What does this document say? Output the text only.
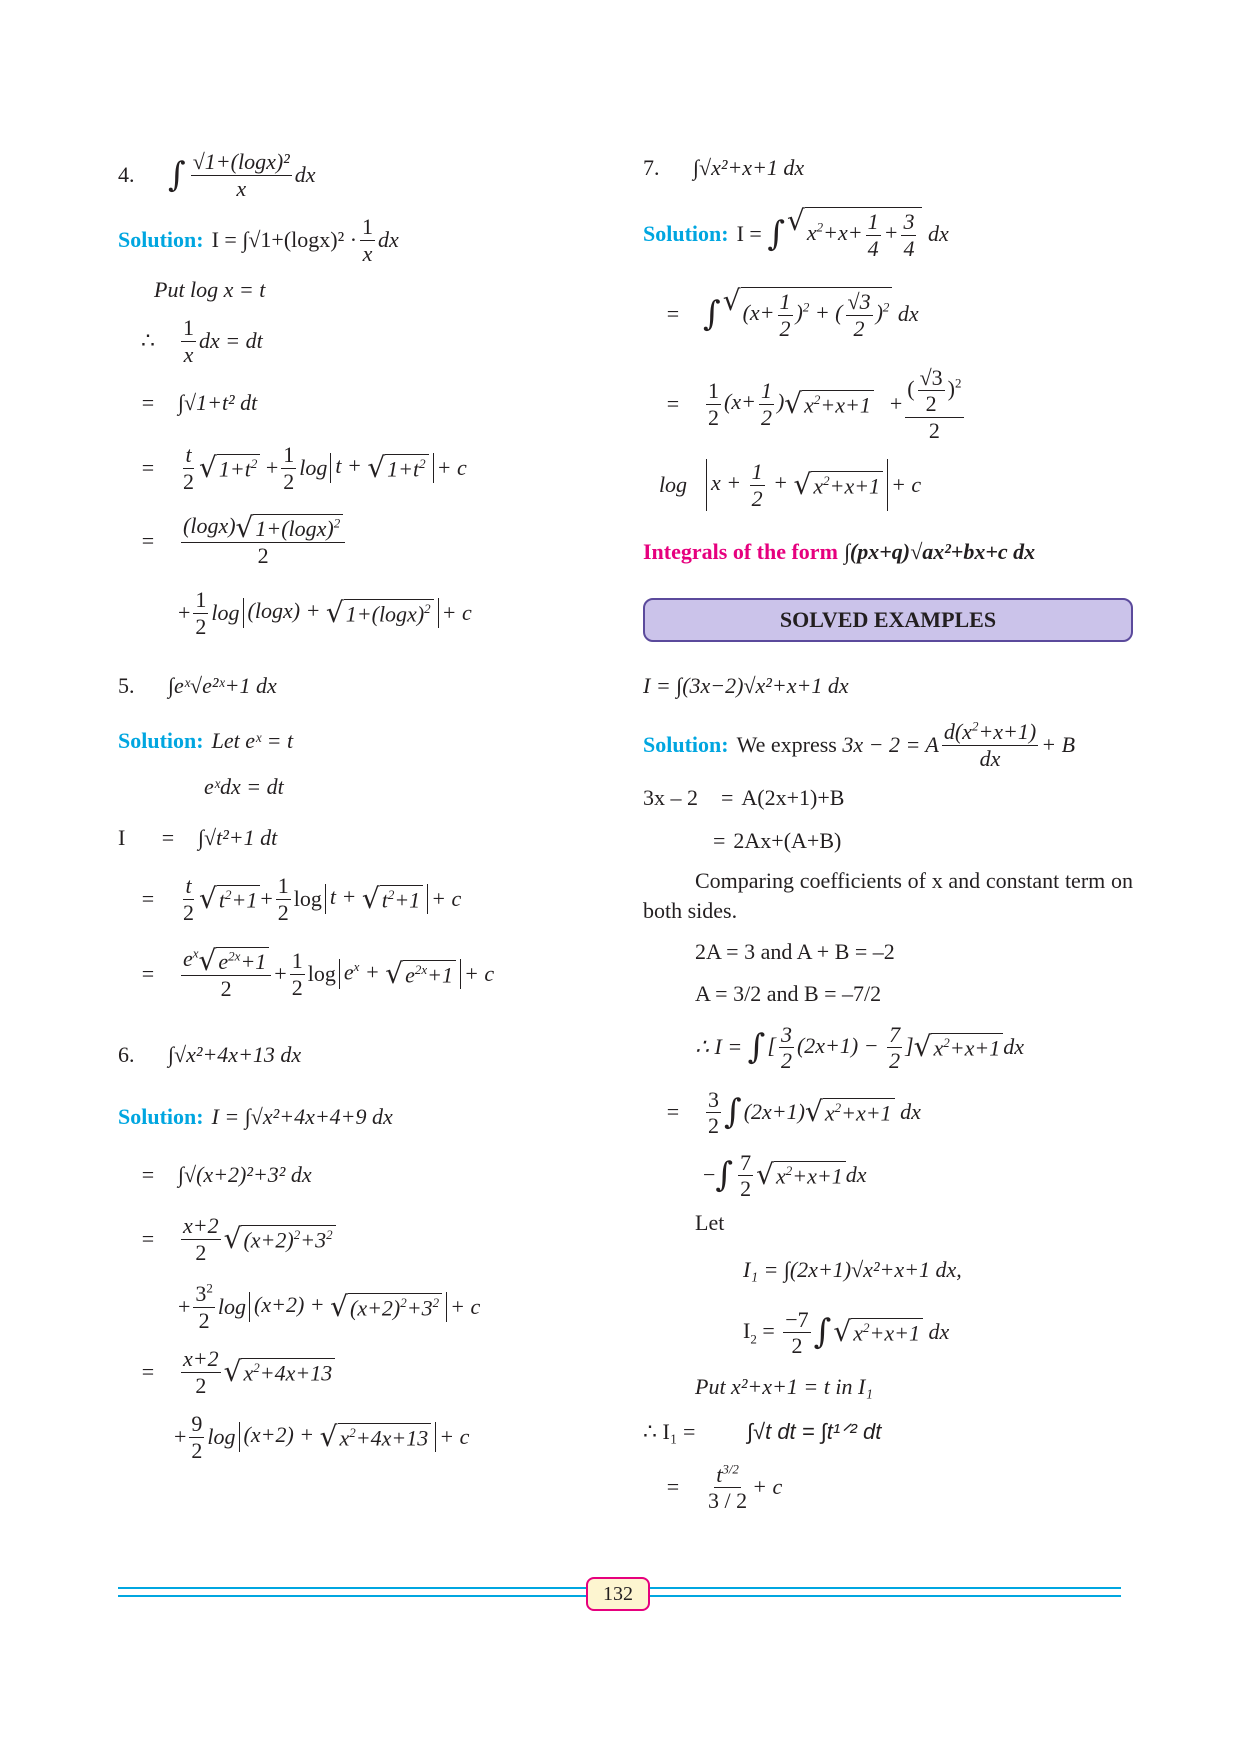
4. ∫ $\frac{\text{√1+(logx)²}}{x}$ dx
Solution: $I = \int√1+(\log x)^2 \cdot \frac{1}{x}$ dx
Put log x = t
∴	$\frac{1}{x}$ dx = dt
=	∫√1+t² dt
=	$\frac{t}{2}$ √ $1+t^2 + \frac{1}{2}$ log t + √ $1+t^2 + c$
=	$\frac{(\log x) √ 1+(\log x)^2}{2}$
+ $\frac{1}{2}$ log (logx) + √ $1+(\log x)^2 + c$
5.	∫eˣ√e²ˣ+1 dx
Solution: Let eˣ = t
eˣdx = dt
I	=	∫√t²+1 dt
=	$\frac{t}{2}$ √ $t^2+1 + \frac{1}{2}$ log t + √ $t^2+1 + c$
=	$\frac{e^x √ e^{2x}+1}{2} + \frac{1}{2}$ $\log e^x$ + √ $e^{2x}+1 + c$
6.	∫√x²+4x+13 dx
Solution: I = ∫√x²+4x+4+9 dx
=	∫√(x+2)²+3² dx
=	$\frac{x+2}{2}$ √ $(x+2)^2+3^2$
+ $\frac{3^2}{2}$ log (x+2) + √ $(x+2)^2+3^2 + c$
=	$\frac{x+2}{2}$ √ $x^2+4x+13$
+ $\frac{9}{2}$ log (x+2) + √ $x^2+4x+13 + c$
7.	∫√x²+x+1 dx
Solution: I = ∫ √ $x^2+x+ \frac{1}{4} + \frac{3}{4}$ dx
= ∫ √ $(x+ \frac{1}{2} )^2$ + ( $\frac{√3}{2} )^2$ dx
=	$\frac{1}{2} (x+ \frac{1}{2}$ ) √ $x^2+x+1 + \frac{( \frac{√3}{2} )^2}{2}$
log	$x + \frac{1}{2}$ + √ $x^2+x+1 + c$
Integrals of the form ∫(px+q)√ax²+bx+c dx
SOLVED EXAMPLES
I = ∫(3x−2)√x²+x+1 dx
Solution: We express 3x − 2 = A $\frac{d(x^2+x+1)}{dx} + B$
3x – 2	= A(2x+1)+B
= 2Ax+(A+B)
Comparing coefficients of x and constant term on both sides.
2A = 3 and A + B = –2
A = 3/2 and B = –7/2
∴ I = ∫ [ $\frac{3}{2} (2x+1) - \frac{7}{2}$ ] √ $x^2+x+1$ dx
=	$\frac{3}{2}$ ∫ (2x+1) √ $x^2+x+1$ dx
− ∫ $\frac{7}{2}$ √ $x^2+x+1$ dx
Let
I₁ = ∫(2x+1)√x²+x+1 dx,
$I_2 = \frac{-7}{2}$ ∫ √ $x^2+x+1$ dx
Put x²+x+1 = t in I₁
∴ I₁ =	∫√t dt = ∫t¹ᐟ² dt
=	$\frac{t^{3/2}}{3 / 2} + c$
132
